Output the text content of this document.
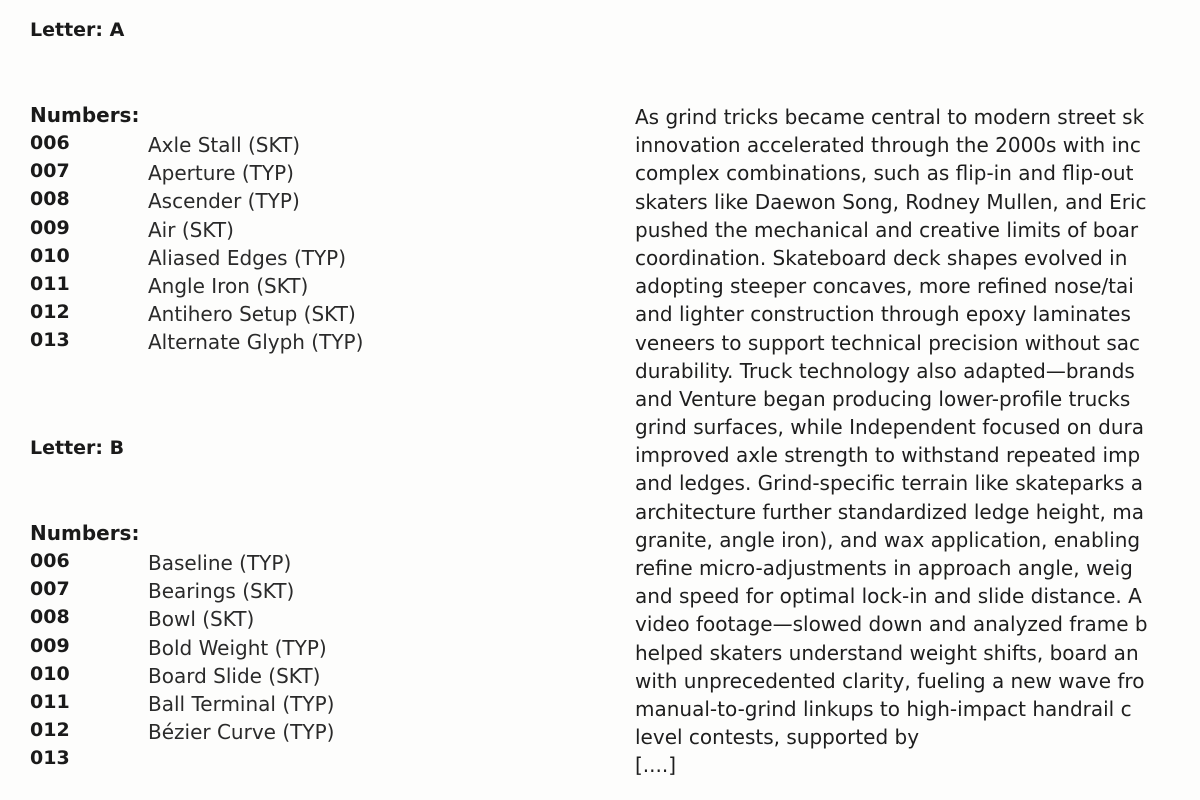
Letter: A
Numbers:
006	Axle Stall (SKT)
007	Aperture (TYP)
008	Ascender (TYP)
009	Air (SKT)
010	Aliased Edges (TYP)
011	Angle Iron (SKT)
012	Antihero Setup (SKT)
013	Alternate Glyph (TYP)
Letter: B
Numbers:
006	Baseline (TYP)
007	Bearings (SKT)
008	Bowl (SKT)
009	Bold Weight (TYP)
010	Board Slide (SKT)
011	Ball Terminal (TYP)
012	Bézier Curve (TYP)
013
As grind tricks became central to modern street sk
innovation accelerated through the 2000s with inc
complex combinations, such as flip-in and flip-out
skaters like Daewon Song, Rodney Mullen, and Eric
pushed the mechanical and creative limits of boar
coordination. Skateboard deck shapes evolved in
adopting steeper concaves, more refined nose/tai
and lighter construction through epoxy laminates
veneers to support technical precision without sac
durability. Truck technology also adapted—brands
and Venture began producing lower-profile trucks
grind surfaces, while Independent focused on dura
improved axle strength to withstand repeated imp
and ledges. Grind-specific terrain like skateparks a
architecture further standardized ledge height, ma
granite, angle iron), and wax application, enabling
refine micro-adjustments in approach angle, weig
and speed for optimal lock-in and slide distance. A
video footage—slowed down and analyzed frame b
helped skaters understand weight shifts, board an
with unprecedented clarity, fueling a new wave fro
manual-to-grind linkups to high-impact handrail c
level contests, supported by
[....]
